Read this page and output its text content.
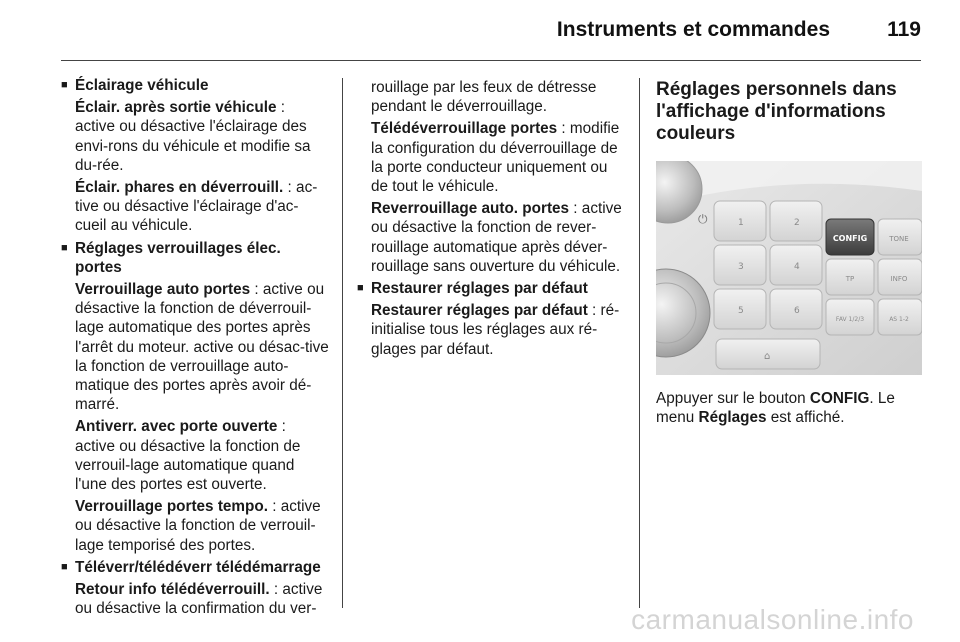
Instruments et commandes	119
■ Éclairage véhicule

Éclair. après sortie véhicule : active ou désactive l'éclairage des envi-rons du véhicule et modifie sa du-rée.

Éclair. phares en déverrouill. : ac-tive ou désactive l'éclairage d'ac-cueil au véhicule.

■ Réglages verrouillages élec. portes

Verrouillage auto portes : active ou désactive la fonction de déverrouil-lage automatique des portes après l'arrêt du moteur. active ou désac-tive la fonction de verrouillage auto-matique des portes après avoir dé-marré.

Antiverr. avec porte ouverte : active ou désactive la fonction de verrouil-lage automatique quand l'une des portes est ouverte.

Verrouillage portes tempo. : active ou désactive la fonction de verrouil-lage temporisé des portes.

■ Téléverr/télédéverr télédémarrage

Retour info télédéverrouill. : active ou désactive la confirmation du ver-

rouillage par les feux de détresse pendant le déverrouillage.

Télédéverrouillage portes : modifie la configuration du déverrouillage de la porte conducteur uniquement ou de tout le véhicule.

Reverrouillage auto. portes : active ou désactive la fonction de rever-rouillage automatique après déver-rouillage sans ouverture du véhicule.

■ Restaurer réglages par défaut

Restaurer réglages par défaut : ré-initialise tous les réglages aux ré-glages par défaut.

Réglages personnels dans l'affichage d'informations couleurs
⏻	1	2
3	4
5	6
⌂
CONFIG	TONE
TP	INFO
FAV 1/2/3	AS 1-2

Appuyer sur le bouton CONFIG. Le menu Réglages est affiché.

carmanualsonline.info
